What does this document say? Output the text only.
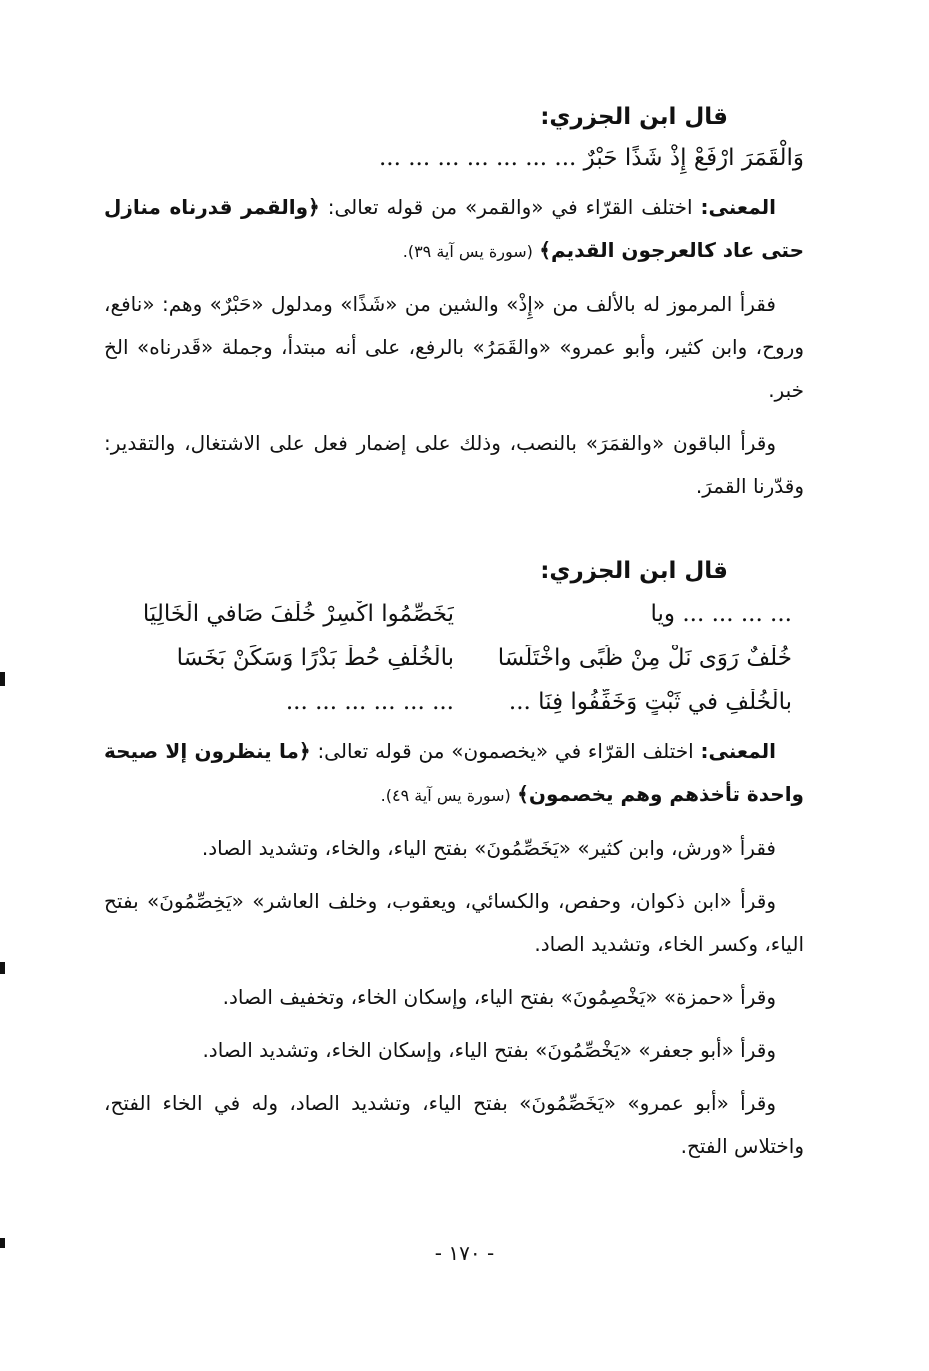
قال ابن الجزري:
وَالْقَمَرَ ارْفَعْ إِذْ شَذًا حَبْرٌ ... ... ... ... ... ... ...

المعنى: اختلف القرّاء في «والقمر» من قوله تعالى: ﴿والقمر قدرناه منازل حتى عاد كالعرجون القديم﴾ (سورة يس آية ٣٩).

فقرأ المرموز له بالألف من «إِذْ» والشين من «شَذًا» ومدلول «حَبْرٌ» وهم: «نافع، وروح، وابن كثير، وأبو عمرو» «والقَمَرُ» بالرفع، على أنه مبتدأ، وجملة «قَدرناه» الخ خبر.

وقرأ الباقون «والقمَرَ» بالنصب، وذلك على إضمار فعل على الاشتغال، والتقدير: وقدّرنا القمرَ.

قال ابن الجزري:
... ... ... ... ويا
يَخَصِّمُوا اكْسِرْ خُلْفَ صَافي الْخَالِيَا
خُلْفٌ رَوَى نَلْ مِنْ ظُبًى واخْتَلَسَا
بالْخُلْفِ حُطْ بَدْرًا وَسَكِّنْ بَخَسَا
بالْخُلْفِ في ثَبْتٍ وَخَفِّفُوا فِنَا ...
... ... ... ... ... ...

المعنى: اختلف القرّاء في «يخصمون» من قوله تعالى: ﴿ما ينظرون إلا صيحة واحدة تأخذهم وهم يخصمون﴾ (سورة يس آية ٤٩).

فقرأ «ورش، وابن كثير» «يَخَصِّمُونَ» بفتح الياء، والخاء، وتشديد الصاد.

وقرأ «ابن ذكوان، وحفص، والكسائي، ويعقوب، وخلف العاشر» «يَخِصِّمُونَ» بفتح الياء، وكسر الخاء، وتشديد الصاد.

وقرأ «حمزة» «يَخْصِمُونَ» بفتح الياء، وإسكان الخاء، وتخفيف الصاد.

وقرأ «أبو جعفر» «يَخْصِّمُونَ» بفتح الياء، وإسكان الخاء، وتشديد الصاد.

وقرأ «أبو عمرو» «يَخَصِّمُونَ» بفتح الياء، وتشديد الصاد، وله في الخاء الفتح، واختلاس الفتح.

- ١٧٠ -
